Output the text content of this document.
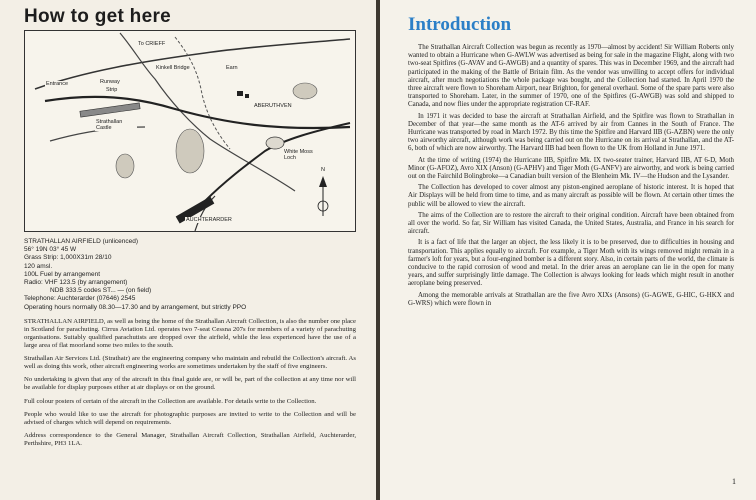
How to get here
To CRIEFF
Kinkell Bridge	Earn
Entrance	Runway
Strip
Strathallan Castle
ABERUTHVEN
White Moss Loch
AUCHTERARDER
N
STRATHALLAN AIRFIELD (unlicenced)
56° 19N 03° 45 W
Grass Strip: 1,000X31m 28/10
120 amsl.
100L Fuel by arrangement
Radio: VHF 123.5 (by arrangement)
NDB 333.5 codes ST... — (on field)
Telephone: Auchterarder (07646) 2545
Operating hours normally 08.30—17.30 and by arrangement, but strictly PPO

STRATHALLAN AIRFIELD, as well as being the home of the Strathallan Aircraft Collection, is also the number one place in Scotland for parachuting. Cirrus Aviation Ltd. operates two 7-seat Cessna 207s for members of a variety of parachuting organisations. Suitably qualified parachutists are dropped over the airfield, while the less experienced have the use of a large area of flat moorland some two miles to the south.

Strathallan Air Services Ltd. (Strathair) are the engineering company who maintain and rebuild the Collection's aircraft. As well as doing this work, other aircraft engineering works are sometimes undertaken by the staff of five engineers.

No undertaking is given that any of the aircraft in this final guide are, or will be, part of the collection at any time nor will be available for display purposes either at air displays or on the ground.

Full colour posters of certain of the aircraft in the Collection are available. For details write to the Collection.

People who would like to use the aircraft for photographic purposes are invited to write to the Collection and will be advised of charges which will depend on requirements.

Address correspondence to the General Manager, Strathallan Aircraft Collection, Strathallan Airfield, Auchterarder, Perthshire, PH3 1LA.

Introduction

The Strathallan Aircraft Collection was begun as recently as 1970—almost by accident! Sir William Roberts only wanted to obtain a Hurricane when G-AWLW was advertised as being for sale in the magazine Flight, along with two two-seat Spitfires (G-AVAV and G-AWGB) and a quantity of spares. This was in December 1969, and the aircraft had participated in the making of the Battle of Britain film. As the vendor was unwilling to accept offers for individual aircraft, after much negotiations the whole package was bought, and the Collection had started. In April 1970 the three aircraft were flown to Shoreham Airport, near Brighton, for general overhaul. Some of the spare parts were also transported to Shoreham. Later, in the summer of 1970, one of the Spitfires (G-AWGB) was sold and shipped to Canada, and now flies under the appropriate registration CF-RAF.

In 1971 it was decided to base the aircraft at Strathallan Airfield, and the Spitfire was flown to Strathallan in December of that year—the same month as the AT-6 arrived by air from Cannes in the South of France. The Hurricane was transported by road in March 1972. By this time the Spitfire and Harvard IIB (G-AZBN) were the only two airworthy aircraft, although work was being carried out on the Hurricane on its arrival at Strathallan, and the AT-6, both of which are now airworthy. The Harvard IIB had been flown to the UK from Holland in June 1971.

At the time of writing (1974) the Hurricane IIB, Spitfire Mk. IX two-seater trainer, Harvard IIB, AT 6-D, Moth Minor (G-AFOZ), Avro XIX (Anson) (G-APHV) and Tiger Moth (G-ANFV) are airworthy, and work is being carried out on the Fairchild Bolingbroke—a Canadian built version of the Blenheim Mk. IV—the Hudson and the Lysander.

The Collection has developed to cover almost any piston-engined aeroplane of historic interest. It is hoped that Air Displays will be held from time to time, and as many aircraft as possible will be flown. At certain other times the public will be allowed to view the aircraft.

The aims of the Collection are to restore the aircraft to their original condition. Aircraft have been obtained from all over the world. So far, Sir William has visited Canada, the United States, Australia, and France in his search for aircraft.

It is a fact of life that the larger an object, the less likely it is to be preserved, due to difficulties in housing and transportation. This applies equally to aircraft. For example, a Tiger Moth with its wings removed might remain in a farmer's loft for years, but a four-engined bomber is a different story. Also, in certain parts of the world, the climate is conducive to the rapid corrosion of wood and metal. In the drier areas an aeroplane can lie in the open for many years, and suffer surprisingly little damage. The Collection is always looking for leads which might result in another aeroplane being preserved.

Among the memorable arrivals at Strathallan are the five Avro XIXs (Ansons) (G-AGWE, G-HIC, G-HKX and G-WRS) which were flown in

1
